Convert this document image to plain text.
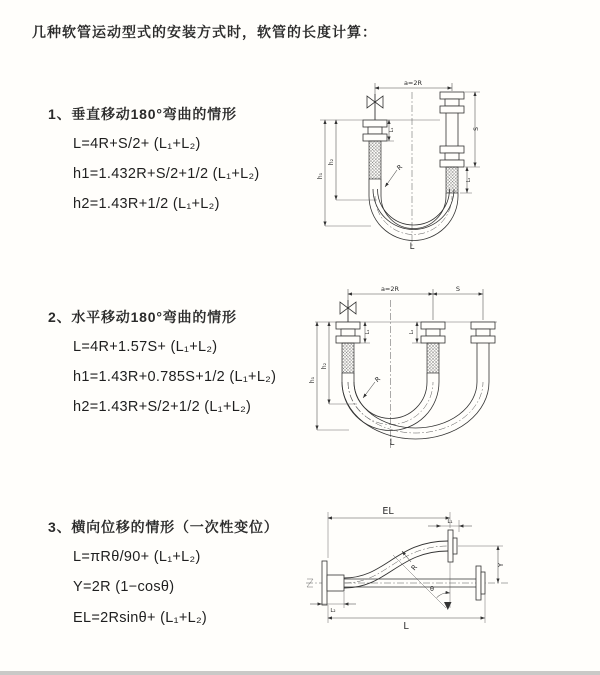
几种软管运动型式的安装方式时，软管的长度计算：
1、垂直移动180°弯曲的情形
L=4R+S/2+ (L₁+L₂)
h1=1.432R+S/2+1/2 (L₁+L₂)
h2=1.43R+1/2 (L₁+L₂)
a=2R
h₁
h₂
L₁	S
L₂
R
L
2、水平移动180°弯曲的情形
L=4R+1.57S+ (L₁+L₂)
h1=1.43R+0.785S+1/2 (L₁+L₂)
h2=1.43R+S/2+1/2 (L₁+L₂)
a=2R	S
h₁
h₂
L₁	L₂
R
L
3、横向位移的情形（一次性变位）
L=πRθ/90+ (L₁+L₂)
Y=2R (1−cosθ)
EL=2Rsinθ+ (L₁+L₂)
EL
L₁
θ
R	Y
L
L₂
